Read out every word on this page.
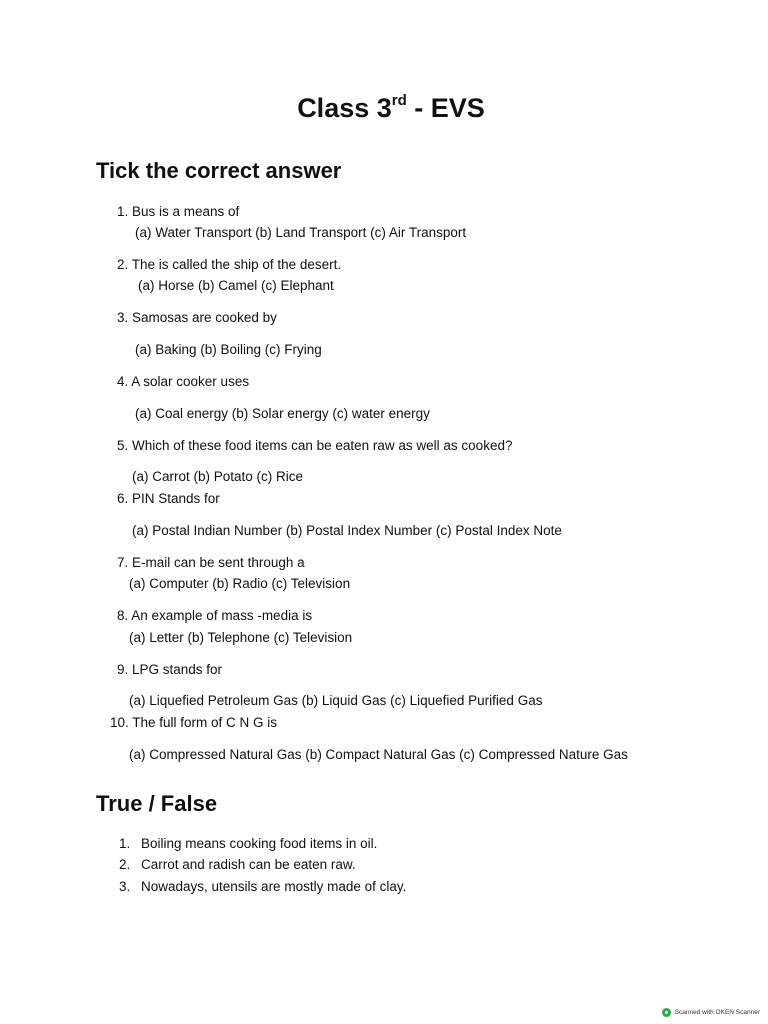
Class 3rd - EVS
Tick the correct answer
1. Bus is a means of
(a) Water Transport (b) Land Transport (c) Air Transport
2. The is called the ship of the desert.
(a) Horse (b) Camel (c) Elephant
3. Samosas are cooked by
(a) Baking (b) Boiling (c) Frying
4. A solar cooker uses
(a) Coal energy (b) Solar energy (c) water energy
5. Which of these food items can be eaten raw as well as cooked?
(a) Carrot (b) Potato (c) Rice
6. PIN Stands for
(a) Postal Indian Number (b) Postal Index Number (c) Postal Index Note
7. E-mail can be sent through a
(a) Computer (b) Radio (c) Television
8. An example of mass -media is
(a) Letter (b) Telephone (c) Television
9. LPG stands for
(a) Liquefied Petroleum Gas (b) Liquid Gas (c) Liquefied Purified Gas
10. The full form of C N G is
(a) Compressed Natural Gas (b) Compact Natural Gas (c) Compressed Nature Gas
True / False
1. Boiling means cooking food items in oil.
2. Carrot and radish can be eaten raw.
3. Nowadays, utensils are mostly made of clay.
Scanned with OKEN Scanner
